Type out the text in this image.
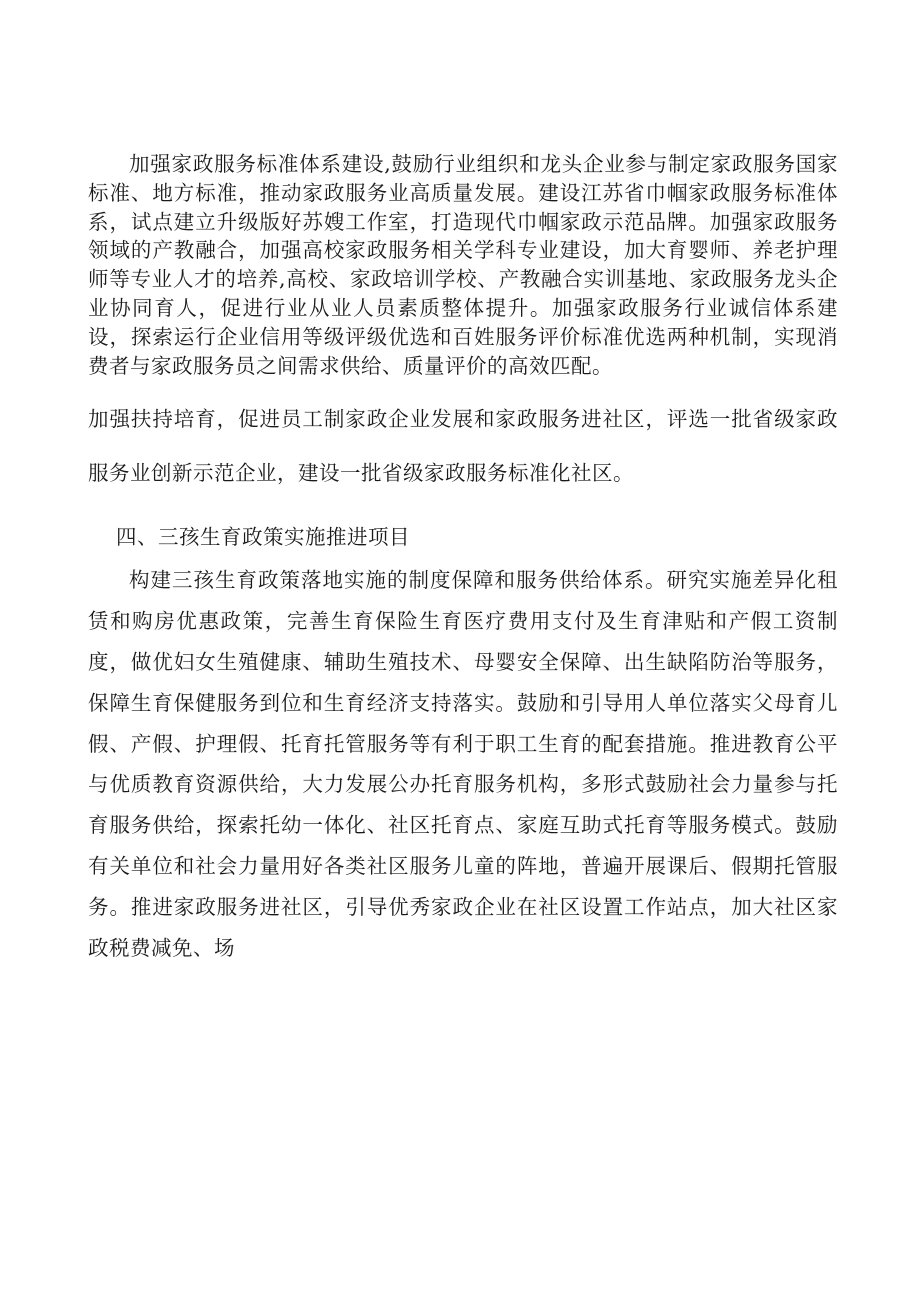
加强家政服务标准体系建设,鼓励行业组织和龙头企业参与制定家政服务国家标准、地方标准，推动家政服务业高质量发展。建设江苏省巾帼家政服务标准体系，试点建立升级版好苏嫂工作室，打造现代巾帼家政示范品牌。加强家政服务领域的产教融合，加强高校家政服务相关学科专业建设，加大育婴师、养老护理师等专业人才的培养,高校、家政培训学校、产教融合实训基地、家政服务龙头企业协同育人，促进行业从业人员素质整体提升。加强家政服务行业诚信体系建设，探索运行企业信用等级评级优选和百姓服务评价标准优选两种机制，实现消费者与家政服务员之间需求供给、质量评价的高效匹配。

加强扶持培育，促进员工制家政企业发展和家政服务进社区，评选一批省级家政服务业创新示范企业，建设一批省级家政服务标准化社区。

四、三孩生育政策实施推进项目

构建三孩生育政策落地实施的制度保障和服务供给体系。研究实施差异化租赁和购房优惠政策，完善生育保险生育医疗费用支付及生育津贴和产假工资制度，做优妇女生殖健康、辅助生殖技术、母婴安全保障、出生缺陷防治等服务，保障生育保健服务到位和生育经济支持落实。鼓励和引导用人单位落实父母育儿假、产假、护理假、托育托管服务等有利于职工生育的配套措施。推进教育公平与优质教育资源供给，大力发展公办托育服务机构，多形式鼓励社会力量参与托育服务供给，探索托幼一体化、社区托育点、家庭互助式托育等服务模式。鼓励有关单位和社会力量用好各类社区服务儿童的阵地，普遍开展课后、假期托管服务。推进家政服务进社区，引导优秀家政企业在社区设置工作站点，加大社区家政税费减免、场
